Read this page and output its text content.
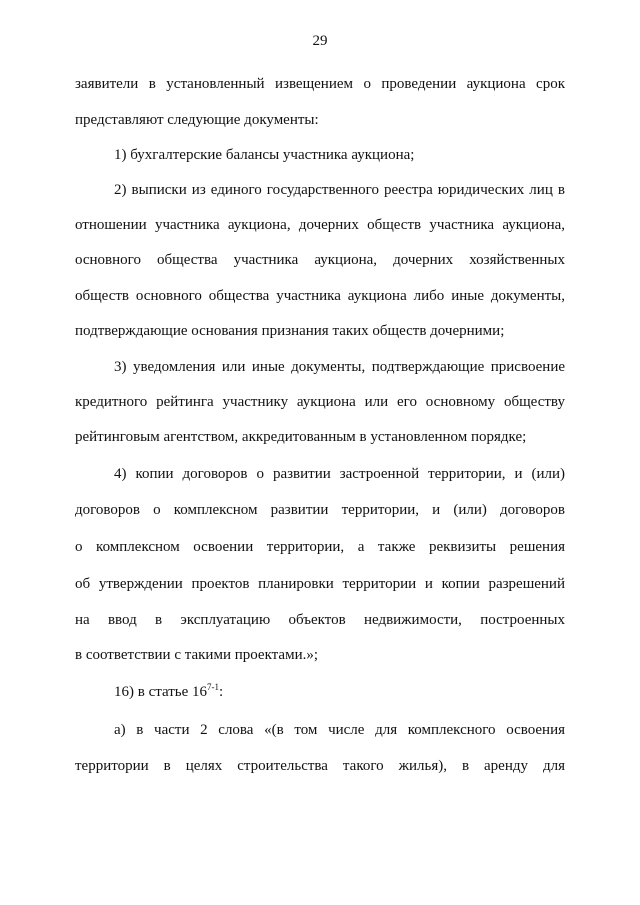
29
заявители в установленный извещением о проведении аукциона срок
представляют следующие документы:
1) бухгалтерские балансы участника аукциона;
2) выписки из единого государственного реестра юридических лиц в
отношении участника аукциона, дочерних обществ участника аукциона,
основного общества участника аукциона, дочерних хозяйственных
обществ основного общества участника аукциона либо иные документы,
подтверждающие основания признания таких обществ дочерними;
3) уведомления или иные документы, подтверждающие присвоение
кредитного рейтинга участнику аукциона или его основному обществу
рейтинговым агентством, аккредитованным в установленном порядке;
4) копии договоров о развитии застроенной территории, и (или)
договоров о комплексном развитии территории, и (или) договоров
о комплексном освоении территории, а также реквизиты решения
об утверждении проектов планировки территории и копии разрешений
на ввод в эксплуатацию объектов недвижимости, построенных
в соответствии с такими проектами.»;
16) в статье 16$^{7-1}$:
а) в части 2 слова «(в том числе для комплексного освоения
территории в целях строительства такого жилья), в аренду для
